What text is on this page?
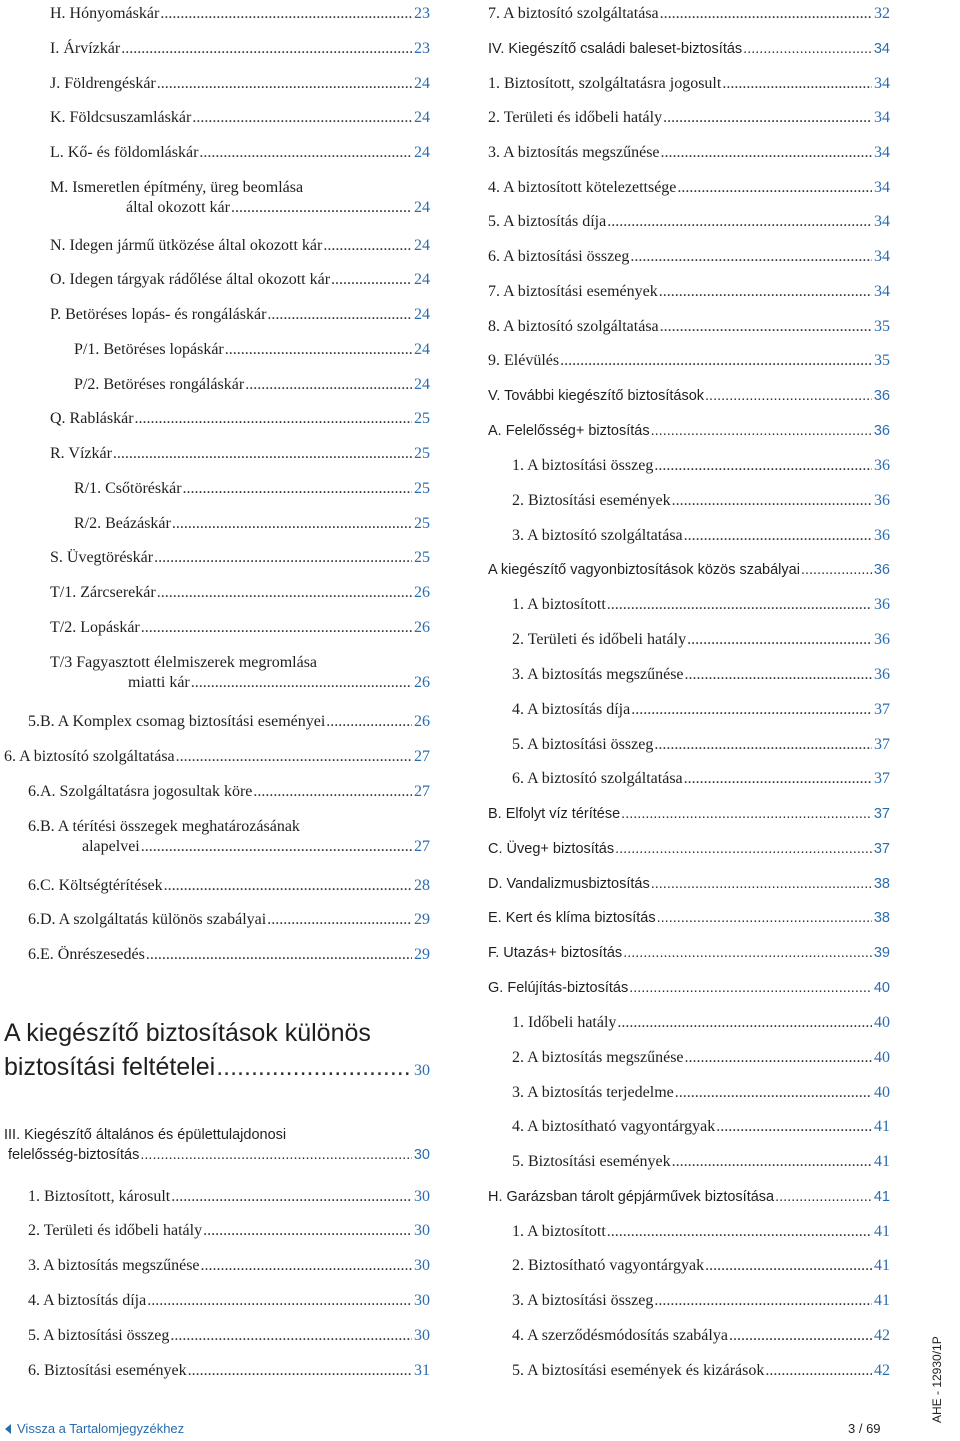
H. Hónyomáskár .....	23
I. Árvízkár .....	23
J. Földrengéskár .....	24
K. Földcsuszamláskár .....	24
L. Kő- és földomláskár .....	24
M. Ismeretlen építmény, üreg beomlása
által okozott kár .....	24
N. Idegen jármű ütközése által okozott kár .....	24
O. Idegen tárgyak rádőlése által okozott kár .....	24
P. Betöréses lopás- és rongáláskár .....	24
P/1. Betöréses lopáskár .....	24
P/2. Betöréses rongáláskár .....	24
Q. Rabláskár .....	25
R. Vízkár .....	25
R/1. Csőtöréskár .....	25
R/2. Beázáskár .....	25
S. Üvegtöréskár .....	25
T/1. Zárcserekár .....	26
T/2. Lopáskár .....	26
T/3 Fagyasztott élelmiszerek megromlása
miatti kár .....	26
5.B. A Komplex csomag biztosítási eseményei .....	26
6. A biztosító szolgáltatása .....	27
6.A. Szolgáltatásra jogosultak köre .....	27
6.B. A térítési összegek meghatározásának
alapelvei .....	27
6.C. Költségtérítések .....	28
6.D. A szolgáltatás különös szabályai .....	29
6.E. Önrészesedés .....	29
A kiegészítő biztosítások különös
biztosítási feltételei .....	30
III. Kiegészítő általános és épülettulajdonosi
felelősség-biztosítás .....	30
1. Biztosított, károsult .....	30
2. Területi és időbeli hatály .....	30
3. A biztosítás megszűnése .....	30
4. A biztosítás díja .....	30
5. A biztosítási összeg .....	30
6. Biztosítási események .....	31
7. A biztosító szolgáltatása .....	32
IV. Kiegészítő családi baleset-biztosítás .....	34
1. Biztosított, szolgáltatásra jogosult .....	34
2. Területi és időbeli hatály .....	34
3. A biztosítás megszűnése .....	34
4. A biztosított kötelezettsége .....	34
5. A biztosítás díja .....	34
6. A biztosítási összeg .....	34
7. A biztosítási események .....	34
8. A biztosító szolgáltatása .....	35
9. Elévülés .....	35
V. További kiegészítő biztosítások .....	36
A. Felelősség+ biztosítás .....	36
1. A biztosítási összeg .....	36
2. Biztosítási események .....	36
3. A biztosító szolgáltatása .....	36
A kiegészítő vagyonbiztosítások közös szabályai .....	36
1. A biztosított .....	36
2. Területi és időbeli hatály .....	36
3. A biztosítás megszűnése .....	36
4. A biztosítás díja .....	37
5. A biztosítási összeg .....	37
6. A biztosító szolgáltatása .....	37
B. Elfolyt víz térítése .....	37
C. Üveg+ biztosítás .....	37
D. Vandalizmusbiztosítás .....	38
E. Kert és klíma biztosítás .....	38
F. Utazás+ biztosítás .....	39
G. Felújítás-biztosítás .....	40
1. Időbeli hatály .....	40
2. A biztosítás megszűnése .....	40
3. A biztosítás terjedelme .....	40
4. A biztosítható vagyontárgyak .....	41
5. Biztosítási események .....	41
H. Garázsban tárolt gépjárművek biztosítása .....	41
1. A biztosított .....	41
2. Biztosítható vagyontárgyak .....	41
3. A biztosítási összeg .....	41
4. A szerződésmódosítás szabálya .....	42
5. A biztosítási események és kizárások .....	42
Vissza a Tartalomjegyzékhez	3 / 69
AHE - 12930/1P
